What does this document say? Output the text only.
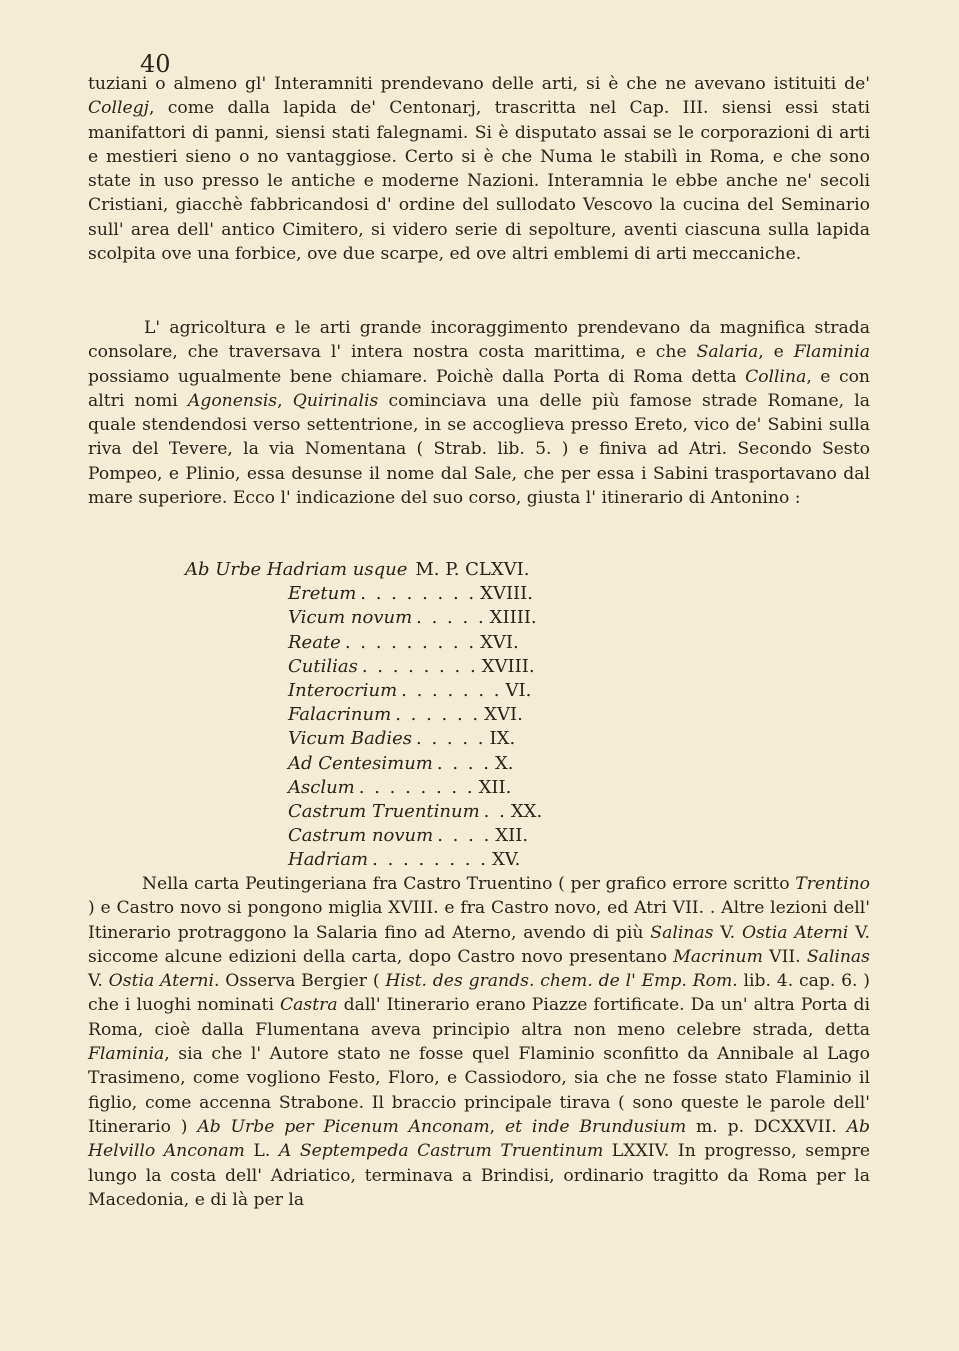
40

tuziani o almeno gl' Interamniti prendevano delle arti, si è che ne avevano istituiti de' Collegj, come dalla lapida de' Centonarj, trascritta nel Cap. III. siensi essi stati manifattori di panni, siensi stati falegnami. Si è disputato assai se le corporazioni di arti e mestieri sieno o no vantaggiose. Certo si è che Numa le stabilì in Roma, e che sono state in uso presso le antiche e moderne Nazioni. Interamnia le ebbe anche ne' secoli Cristiani, giacchè fabbricandosi d' ordine del sullodato Vescovo la cucina del Seminario sull' area dell' antico Cimitero, si videro serie di sepolture, aventi ciascuna sulla lapida scolpita ove una forbice, ove due scarpe, ed ove altri emblemi di arti meccaniche.

L' agricoltura e le arti grande incoraggimento prendevano da magnifica strada consolare, che traversava l' intera nostra costa marittima, e che Salaria, e Flaminia possiamo ugualmente bene chiamare. Poichè dalla Porta di Roma detta Collina, e con altri nomi Agonensis, Quirinalis cominciava una delle più famose strade Romane, la quale stendendosi verso settentrione, in se accoglieva presso Ereto, vico de' Sabini sulla riva del Tevere, la via Nomentana ( Strab. lib. 5. ) e finiva ad Atri. Secondo Sesto Pompeo, e Plinio, essa desunse il nome dal Sale, che per essa i Sabini trasportavano dal mare superiore. Ecco l' indicazione del suo corso, giusta l' itinerario di Antonino :

Ab Urbe Hadriam usque M. P. CLXVI.
Eretum . . . . . . . . XVIII.
Vicum novum . . . . . XIIII.
Reate . . . . . . . . . XVI.
Cutilias . . . . . . . . XVIII.
Interocrium . . . . . . . VI.
Falacrinum . . . . . . XVI.
Vicum Badies . . . . . IX.
Ad Centesimum . . . . X.
Asclum . . . . . . . . XII.
Castrum Truentinum . . XX.
Castrum novum . . . . XII.
Hadriam . . . . . . . . XV.

Nella carta Peutingeriana fra Castro Truentino ( per grafico errore scritto Trentino ) e Castro novo si pongono miglia XVIII. e fra Castro novo, ed Atri VII. . Altre lezioni dell' Itinerario protraggono la Salaria fino ad Aterno, avendo di più Salinas V. Ostia Aterni V. siccome alcune edizioni della carta, dopo Castro novo presentano Macrinum VII. Salinas V. Ostia Aterni. Osserva Bergier ( Hist. des grands. chem. de l' Emp. Rom. lib. 4. cap. 6. ) che i luoghi nominati Castra dall' Itinerario erano Piazze fortificate. Da un' altra Porta di Roma, cioè dalla Flumentana aveva principio altra non meno celebre strada, detta Flaminia, sia che l' Autore stato ne fosse quel Flaminio sconfitto da Annibale al Lago Trasimeno, come vogliono Festo, Floro, e Cassiodoro, sia che ne fosse stato Flaminio il figlio, come accenna Strabone. Il braccio principale tirava ( sono queste le parole dell' Itinerario ) Ab Urbe per Picenum Anconam, et inde Brundusium m. p. DCXXVII. Ab Helvillo Anconam L. A Septempeda Castrum Truentinum LXXIV. In progresso, sempre lungo la costa dell' Adriatico, terminava a Brindisi, ordinario tragitto da Roma per la Macedonia, e di là per la
